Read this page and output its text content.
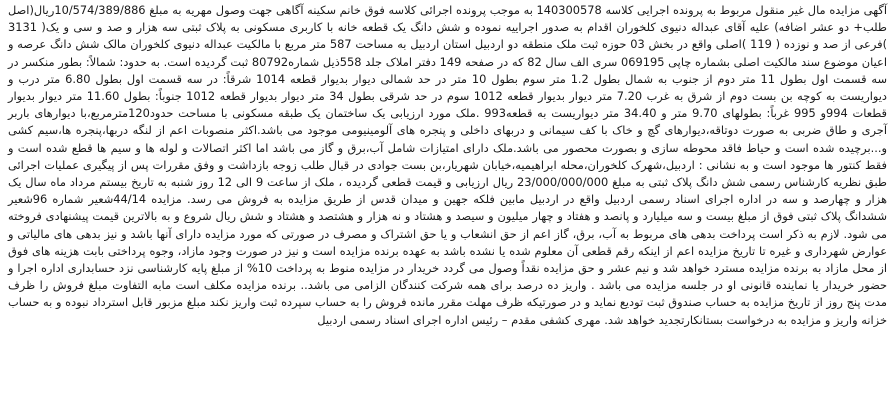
آگهی مزایده مال غیر منقول مربوط به پرونده اجرایی کلاسه 140300578 به موجب پرونده اجرائی کلاسه فوق خانم سکینه آگاهی جهت وصول مهریه به مبلغ 10/574/389/886ریال(اصل طلب+ دو عشر اضافه) علیه آقای عبداله دنیوی کلخوران اقدام به صدور اجراییه نموده و شش دانگ یک قطعه خانه با کاربری مسکونی به پلاک ثبتی سه هزار و صد و سی و یک( 3131 )فرعی از صد و نوزده ( 119 )اصلی واقع در بخش 03 حوزه ثبت ملک منطقه دو اردبیل استان اردبیل به مساحت 587 متر مربع با مالکیت عبداله دنیوی کلخوران مالک شش دانگ عرصه و اعیان موضوع سند مالکیت اصلی بشماره چاپی 069195 سری الف سال 82 که در صفحه 149 دفتر املاک جلد 558ذیل شماره80792 ثبت گردیده است. به حدود: شمالاً: بطور منکسر در سه قسمت اول بطول 11 متر دوم از جنوب به شمال بطول 1.2 متر سوم بطول 10 متر در حد شمالی دیوار بدیوار قطعه 1014 شرقاً: در سه قسمت اول بطول 6.80 متر درب و دیواریست به کوچه بن بست دوم از شرق به غرب 7.20 متر دیوار بدیوار قطعه 1012 سوم در حد شرقی بطول 34 متر دیوار بدیوار قطعه 1012 جنوباً: بطول 11.60 متر دیوار بدیوار قطعات 994و 995 غرباً: بطولهای 9.70 متر و 34.40 متر دیواریست به قطعه993 .ملک مورد ارزیابی یک ساختمان یک طبقه مسکونی با مساحت حدود120مترمربع،با دیوارهای باربر آجری و طاق ضربی به صورت دوتاقه،دیوارهای گچ و خاک با کف سیمانی و دربهای داخلی و پنجره های آلومینیومی موجود می باشد.اکثر منصوبات اعم از لنگه دربها،پنجره ها،سیم کشی و...برچیده شده است و حیاط فاقد محوطه سازی و بصورت محصور می باشد.ملک دارای امتیازات شامل آب،برق و گاز می باشد اما اکثر اتصالات و لوله ها و سیم ها قطع شده است و فقط کنتور ها موجود است و به نشانی : اردبیل،شهرک کلخوران،محله ابراهیمیه،خیابان شهریار،بن بست جوادی در قبال طلب زوجه بازداشت و وفق مقررات پس از پیگیری عملیات اجرائی طبق نظریه کارشناس رسمی شش دانگ پلاک ثبتی به مبلغ 23/000/000/000 ریال ارزیابی و قیمت قطعی گردیده ، ملک از ساعت 9 الی 12 روز شنبه به تاریخ بیستم مرداد ماه سال یک هزار و چهارصد و سه در اداره اجرای اسناد رسمی اردبیل واقع در اردبیل مابین فلکه جهین و میدان قدس از طریق مزایده به فروش می رسد. مزایده 44/14شعیر شماره 96شعیر ششدانگ پلاک ثبتی فوق از مبلغ بیست و سه میلیارد و پانصد و هفتاد و چهار میلیون و سیصد و هشتاد و نه هزار و هشتصد و هشتاد و شش ریال شروع و به بالاترین قیمت پیشنهادی فروخته می شود. لازم به ذکر است پرداخت بدهی های مربوط به آب، برق، گاز اعم از حق انشعاب و یا حق اشتراک و مصرف در صورتی که مورد مزایده دارای آنها باشد و نیز بدهی های مالیاتی و عوارض شهرداری و غیره تا تاریخ مزایده اعم از اینکه رقم قطعی آن معلوم شده یا نشده باشد به عهده برنده مزایده است و نیز در صورت وجود مازاد، وجوه پرداختی بابت هزینه های فوق از محل مازاد به برنده مزایده مسترد خواهد شد و نیم عشر و حق مزایده نقداً وصول می گردد خریدار در مزایده منوط به پرداخت 10% از مبلغ پایه کارشناسی نزد حسابداری اداره اجرا و حضور خریدار یا نماینده قانونی او در جلسه مزایده می باشد . واریز ده درصد برای همه شرکت کنندگان الزامی می باشد.. برنده مزایده مکلف است مابه التفاوت مبلغ فروش را ظرف مدت پنج روز از تاریخ مزایده به حساب صندوق ثبت تودیع نماید و در صورتیکه ظرف مهلت مقرر مانده فروش را به حساب سپرده ثبت واریز نکند مبلغ مزبور قابل استرداد نبوده و به حساب خزانه واریز و مزایده به درخواست بستانکارتجدید خواهد شد. مهری کشفی مقدم – رئیس اداره اجرای اسناد رسمی اردبیل
